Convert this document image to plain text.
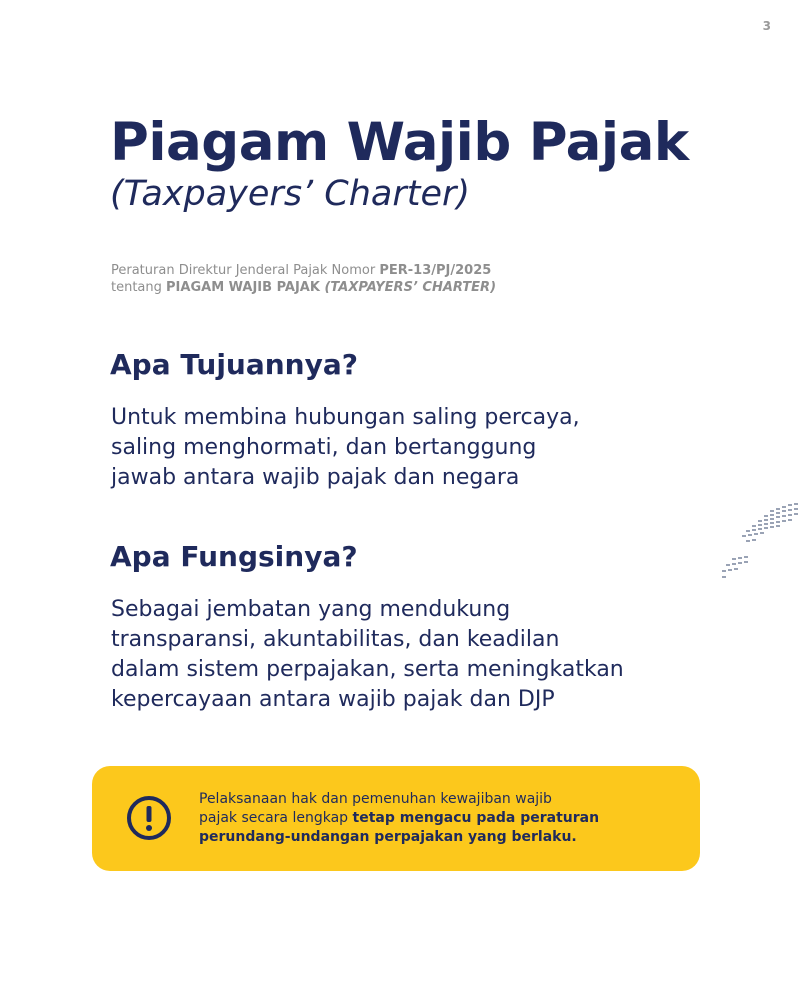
3
Piagam Wajib Pajak
(Taxpayers’ Charter)
Peraturan Direktur Jenderal Pajak Nomor PER-13/PJ/2025
tentang PIAGAM WAJIB PAJAK (TAXPAYERS’ CHARTER)
Apa Tujuannya?

Untuk membina hubungan saling percaya,
saling menghormati, dan bertanggung
jawab antara wajib pajak dan negara

Apa Fungsinya?

Sebagai jembatan yang mendukung
transparansi, akuntabilitas, dan keadilan
dalam sistem perpajakan, serta meningkatkan
kepercayaan antara wajib pajak dan DJP

Pelaksanaan hak dan pemenuhan kewajiban wajib
pajak secara lengkap tetap mengacu pada peraturan
perundang-undangan perpajakan yang berlaku.
